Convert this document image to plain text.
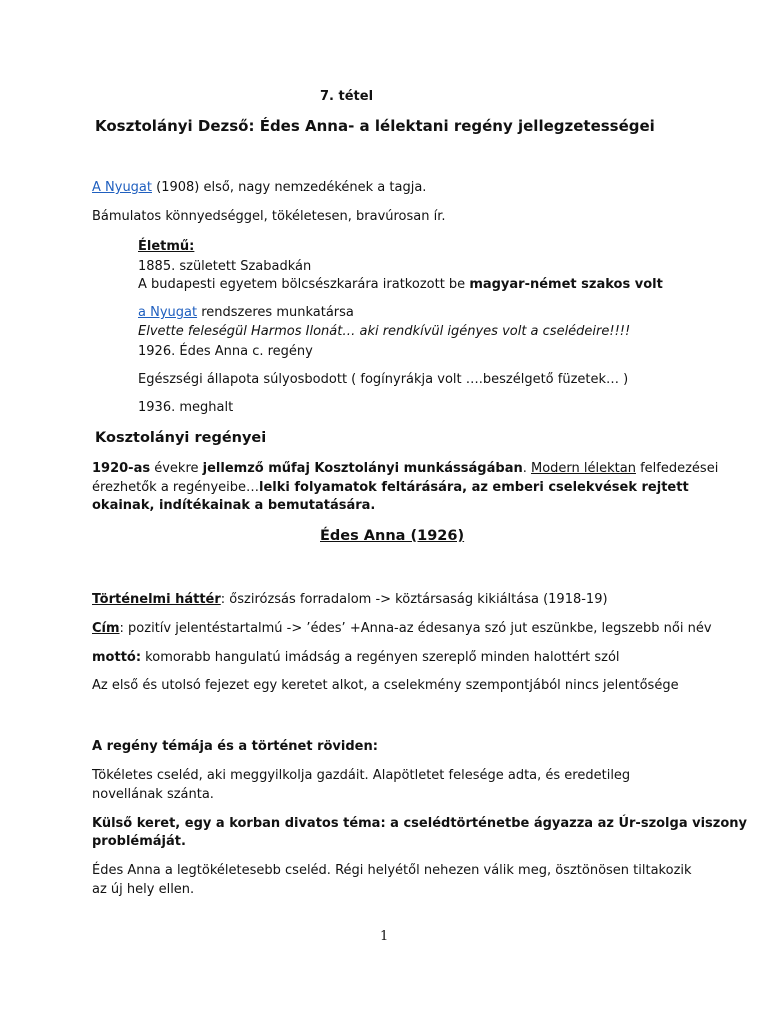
7. tétel
Kosztolányi Dezső: Édes Anna- a lélektani regény jellegzetességei
A Nyugat (1908) első, nagy nemzedékének a tagja.
Bámulatos könnyedséggel, tökéletesen, bravúrosan ír.
Életmű:
1885. született Szabadkán
A budapesti egyetem bölcsészkarára iratkozott be magyar-német szakos volt
a Nyugat rendszeres munkatársa
Elvette feleségül Harmos Ilonát… aki rendkívül igényes volt a cselédeire!!!!
1926. Édes Anna c. regény
Egészségi állapota súlyosbodott ( fogínyrákja volt ….beszélgető füzetek… )
1936. meghalt
Kosztolányi regényei
1920-as évekre jellemző műfaj Kosztolányi munkásságában. Modern lélektan felfedezései
érezhetők a regényeibe…lelki folyamatok feltárására, az emberi cselekvések rejtett
okainak, indítékainak a bemutatására.
Édes Anna (1926)
Történelmi háttér: őszirózsás forradalom -> köztársaság kikiáltása (1918-19)
Cím: pozitív jelentéstartalmú -> ’édes’ +Anna-az édesanya szó jut eszünkbe, legszebb női név
mottó: komorabb hangulatú imádság a regényen szereplő minden halottért szól
Az első és utolsó fejezet egy keretet alkot, a cselekmény szempontjából nincs jelentősége
A regény témája és a történet röviden:
Tökéletes cseléd, aki meggyilkolja gazdáit. Alapötletet felesége adta, és eredetileg
novellának szánta.
Külső keret, egy a korban divatos téma: a cselédtörténetbe ágyazza az Úr-szolga viszony
problémáját.
Édes Anna a legtökéletesebb cseléd. Régi helyétől nehezen válik meg, ösztönösen tiltakozik
az új hely ellen.
1
